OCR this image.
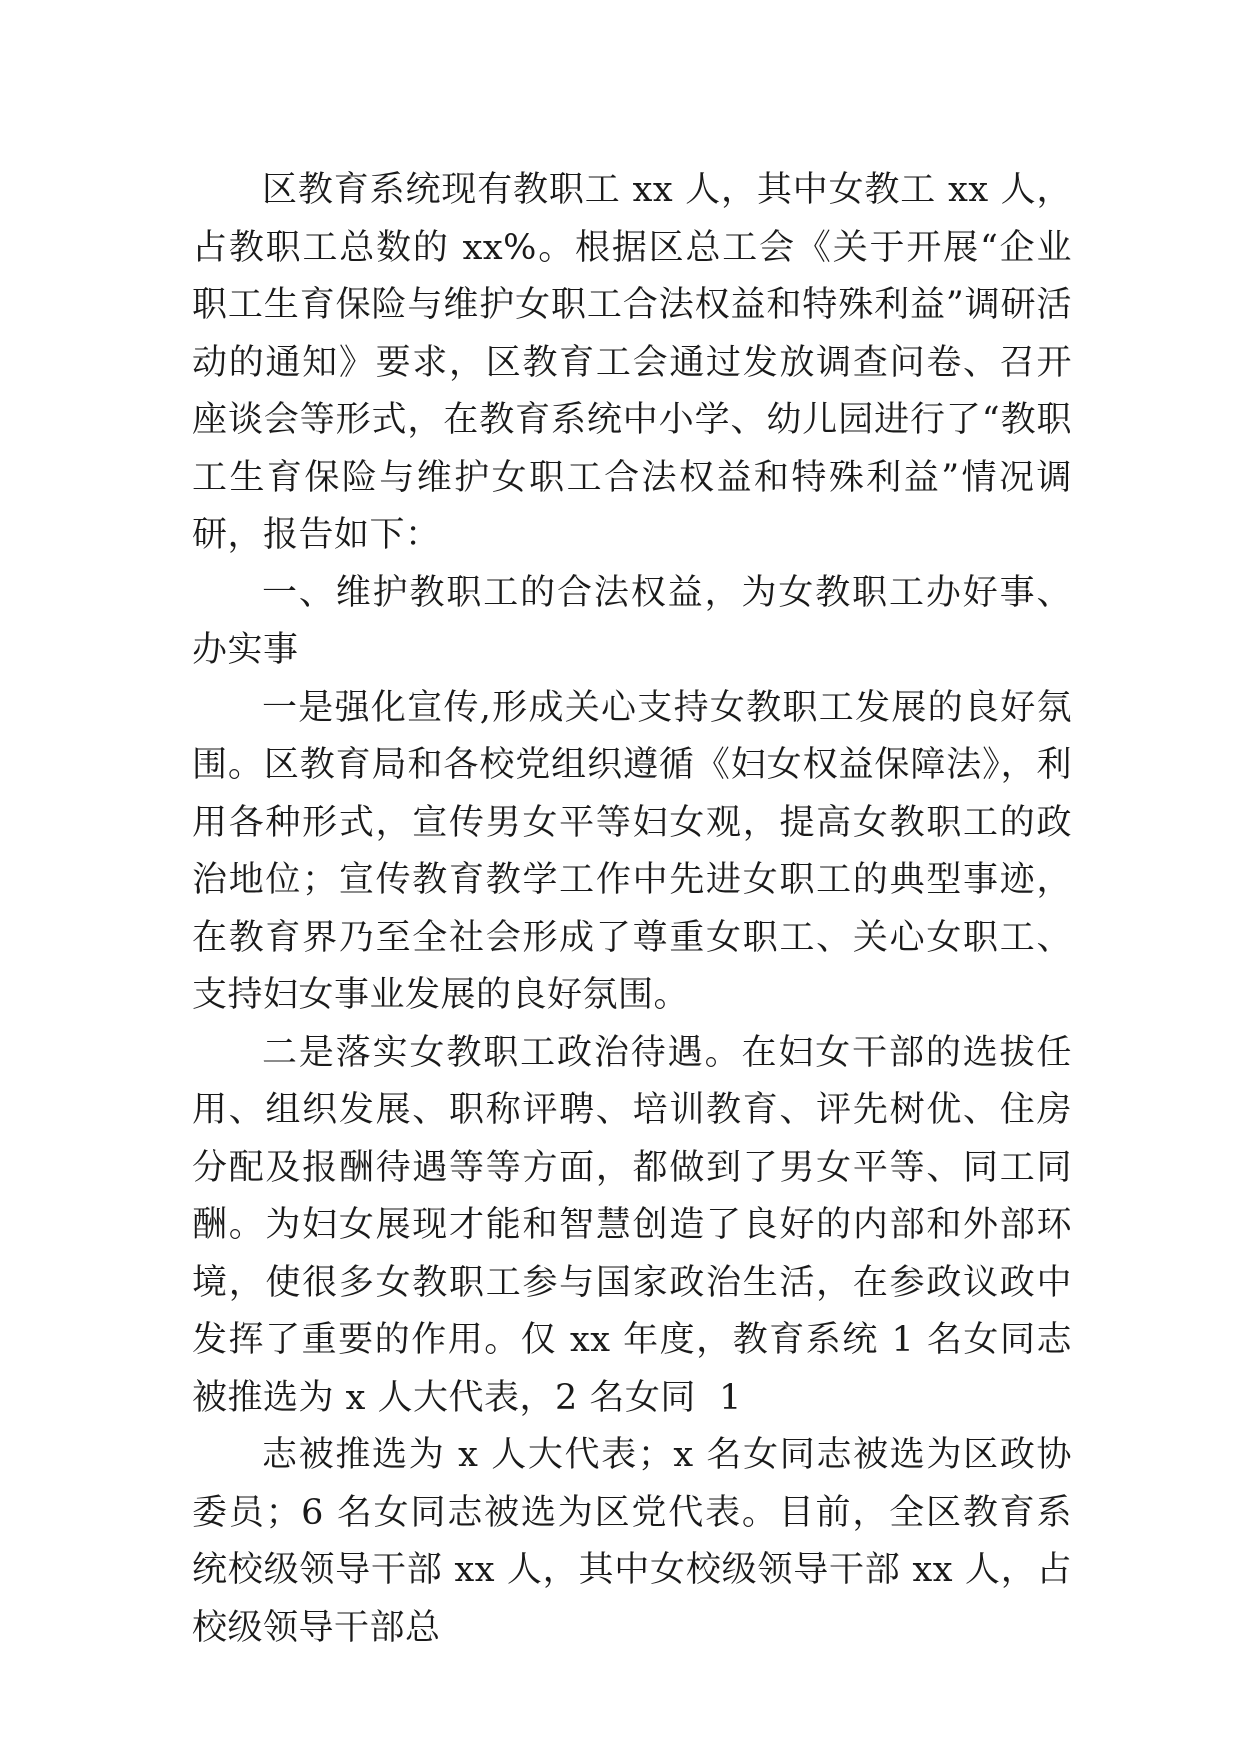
区教育系统现有教职工 xx 人，其中女教工 xx 人，占教职工总数的 xx%。根据区总工会《关于开展“企业职工生育保险与维护女职工合法权益和特殊利益”调研活动的通知》要求，区教育工会通过发放调查问卷、召开座谈会等形式，在教育系统中小学、幼儿园进行了“教职工生育保险与维护女职工合法权益和特殊利益”情况调研，报告如下：

一、维护教职工的合法权益，为女教职工办好事、办实事

一是强化宣传,形成关心支持女教职工发展的良好氛围。区教育局和各校党组织遵循《妇女权益保障法》，利用各种形式，宣传男女平等妇女观，提高女教职工的政治地位；宣传教育教学工作中先进女职工的典型事迹，在教育界乃至全社会形成了尊重女职工、关心女职工、支持妇女事业发展的良好氛围。

二是落实女教职工政治待遇。在妇女干部的选拔任用、组织发展、职称评聘、培训教育、评先树优、住房分配及报酬待遇等等方面，都做到了男女平等、同工同酬。为妇女展现才能和智慧创造了良好的内部和外部环境，使很多女教职工参与国家政治生活，在参政议政中发挥了重要的作用。仅 xx 年度，教育系统 1 名女同志被推选为 x 人大代表，2 名女同 1

志被推选为 x 人大代表；x 名女同志被选为区政协委员；6 名女同志被选为区党代表。目前，全区教育系统校级领导干部 xx 人，其中女校级领导干部 xx 人，占校级领导干部总
